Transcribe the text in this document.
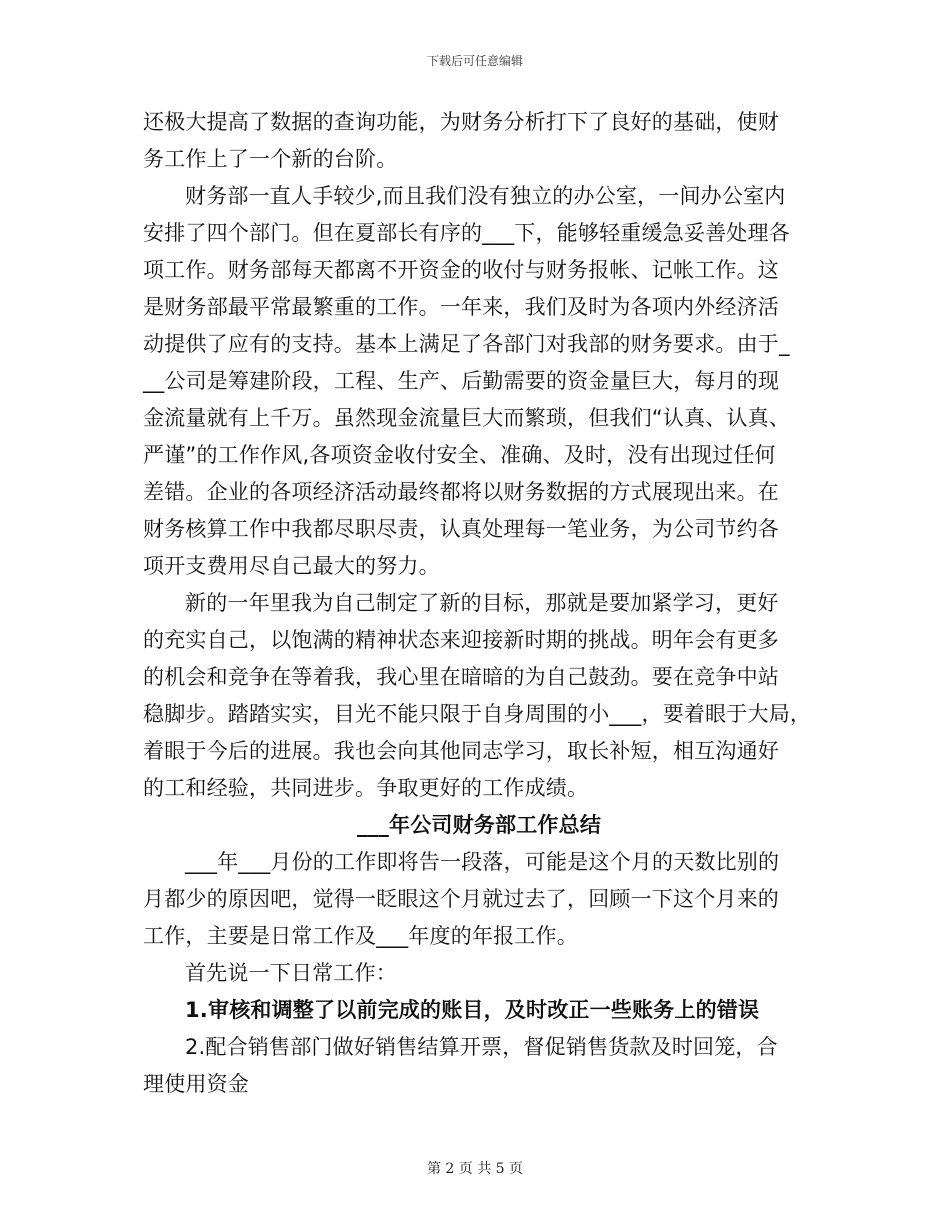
下载后可任意编辑
还极大提高了数据的查询功能，为财务分析打下了良好的基础，使财
务工作上了一个新的台阶。
财务部一直人手较少,而且我们没有独立的办公室，一间办公室内
安排了四个部门。但在夏部长有序的___下，能够轻重缓急妥善处理各
项工作。财务部每天都离不开资金的收付与财务报帐、记帐工作。这
是财务部最平常最繁重的工作。一年来，我们及时为各项内外经济活
动提供了应有的支持。基本上满足了各部门对我部的财务要求。由于_
__公司是筹建阶段，工程、生产、后勤需要的资金量巨大，每月的现
金流量就有上千万。虽然现金流量巨大而繁琐，但我们“认真、认真、
严谨”的工作作风,各项资金收付安全、准确、及时，没有出现过任何
差错。企业的各项经济活动最终都将以财务数据的方式展现出来。在
财务核算工作中我都尽职尽责，认真处理每一笔业务，为公司节约各
项开支费用尽自己最大的努力。
新的一年里我为自己制定了新的目标，那就是要加紧学习，更好
的充实自己，以饱满的精神状态来迎接新时期的挑战。明年会有更多
的机会和竞争在等着我，我心里在暗暗的为自己鼓劲。要在竞争中站
稳脚步。踏踏实实，目光不能只限于自身周围的小___，要着眼于大局，
着眼于今后的进展。我也会向其他同志学习，取长补短，相互沟通好
的工和经验，共同进步。争取更好的工作成绩。
___年公司财务部工作总结
___年___月份的工作即将告一段落，可能是这个月的天数比别的
月都少的原因吧，觉得一眨眼这个月就过去了，回顾一下这个月来的
工作，主要是日常工作及___年度的年报工作。
首先说一下日常工作：
1.审核和调整了以前完成的账目，及时改正一些账务上的错误
2.配合销售部门做好销售结算开票，督促销售货款及时回笼，合
理使用资金
第 2 页 共 5 页
